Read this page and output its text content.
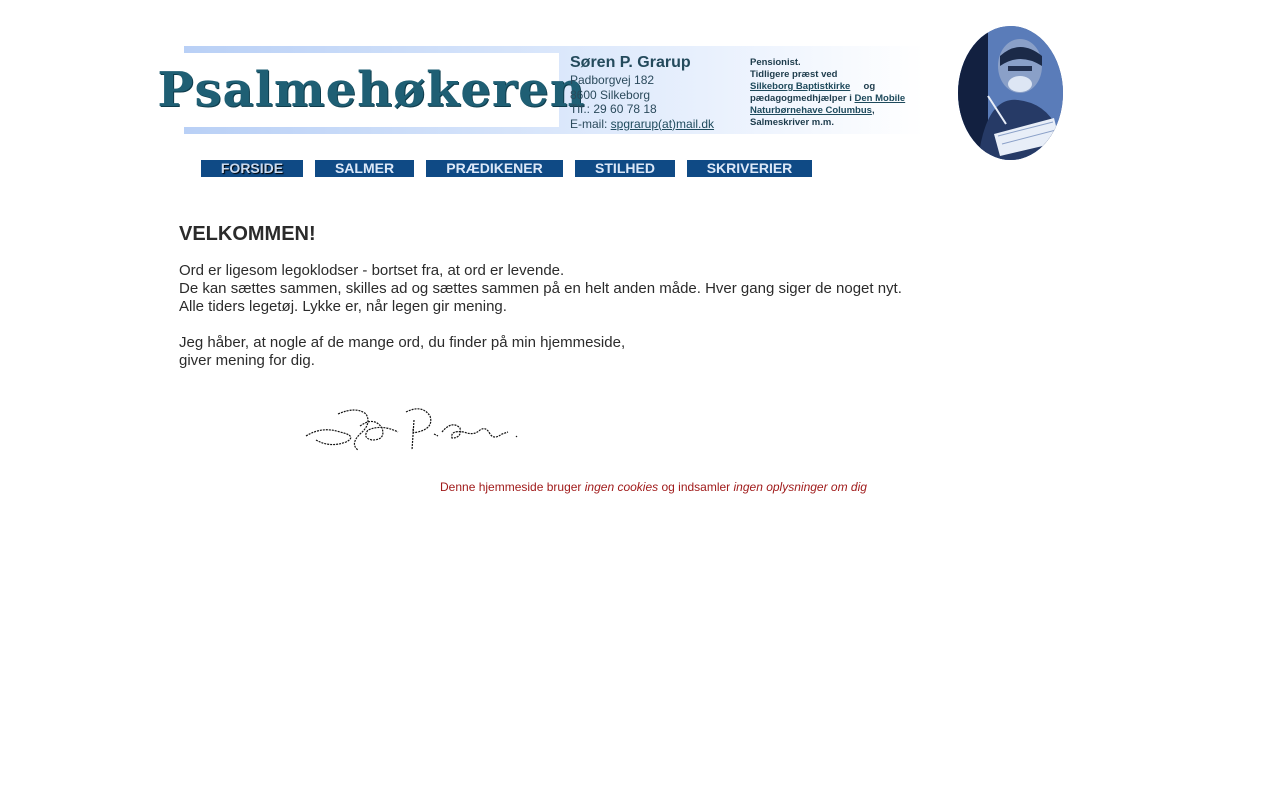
Psalmehøkeren
Søren P. Grarup
Padborgvej 182
8600 Silkeborg
Tlf.: 29 60 78 18
E-mail: spgrarup(at)mail.dk
Pensionist.
Tidligere præst ved
Silkeborg Baptistkirke og
pædagogmedhjælper i Den Mobile Naturbørnehave Columbus,
Salmeskriver m.m.
FORSIDE	SALMER	PRÆDIKENER	STILHED	SKRIVERIER
VELKOMMEN!
Ord er ligesom legoklodser - bortset fra, at ord er levende.
De kan sættes sammen, skilles ad og sættes sammen på en helt anden måde. Hver gang siger de noget nyt.
Alle tiders legetøj. Lykke er, når legen gir mening.
Jeg håber, at nogle af de mange ord, du finder på min hjemmeside,
giver mening for dig.
Denne hjemmeside bruger ingen cookies og indsamler ingen oplysninger om dig
